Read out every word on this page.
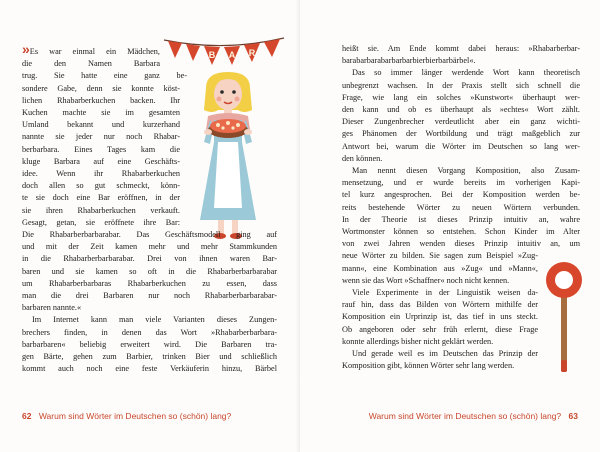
B A R
»Es war einmal ein Mädchen,
die den Namen Barbara
trug. Sie hatte eine ganz be-
sondere Gabe, denn sie konnte köst-
lichen Rhabarberkuchen backen. Ihr
Kuchen machte sie im gesamten
Umland bekannt und kurzerhand
nannte sie jeder nur noch Rhabar-
berbarbara. Eines Tages kam die
kluge Barbara auf eine Geschäfts-
idee. Wenn ihr Rhabarberkuchen
doch allen so gut schmeckt, könn-
te sie doch eine Bar eröffnen, in der
sie ihren Rhabarberkuchen verkauft.
Gesagt, getan, sie eröffnete ihre Bar:
Die Rhabarberbarbarabar. Das Geschäftsmodell ging auf
und mit der Zeit kamen mehr und mehr Stammkunden
in die Rhabarberbarbarabar. Drei von ihnen waren Bar-
baren und sie kamen so oft in die Rhabarberbarbarabar
um Rhabarberbarbaras Rhabarberkuchen zu essen, dass
man die drei Barbaren nur noch Rhabarberbarbarabar-
barbaren nannte.«
Im Internet kann man viele Varianten dieses Zungen-
brechers finden, in denen das Wort »Rhabarberbarbara-
barbarbaren« beliebig erweitert wird. Die Barbaren tra-
gen Bärte, gehen zum Barbier, trinken Bier und schließlich
kommt auch noch eine feste Verkäuferin hinzu, Bärbel
62 Warum sind Wörter im Deutschen so (schön) lang?
heißt sie. Am Ende kommt dabei heraus: »Rhabarberbar-
barabarbarabarbarbarbierbierbarbärbel«.
Das so immer länger werdende Wort kann theoretisch
unbegrenzt wachsen. In der Praxis stellt sich schnell die
Frage, wie lang ein solches »Kunstwort« überhaupt wer-
den kann und ob es überhaupt als »echtes« Wort zählt.
Dieser Zungenbrecher verdeutlicht aber ein ganz wichti-
ges Phänomen der Wortbildung und trägt maßgeblich zur
Antwort bei, warum die Wörter im Deutschen so lang wer-
den können.
Man nennt diesen Vorgang Komposition, also Zusam-
mensetzung, und er wurde bereits im vorherigen Kapi-
tel kurz angesprochen. Bei der Komposition werden be-
reits bestehende Wörter zu neuen Wörtern verbunden.
In der Theorie ist dieses Prinzip intuitiv an, wahre
Wortmonster können so entstehen. Schon Kinder im Alter
von zwei Jahren wenden dieses Prinzip intuitiv an, um
neue Wörter zu bilden. Sie sagen zum Beispiel »Zug-
mann«, eine Kombination aus »Zug« und »Mann«,
wenn sie das Wort »Schaffner« noch nicht kennen.
Viele Experimente in der Linguistik weisen da-
rauf hin, dass das Bilden von Wörtern mithilfe der
Komposition ein Urprinzip ist, das tief in uns steckt.
Ob angeboren oder sehr früh erlernt, diese Frage
konnte allerdings bisher nicht geklärt werden.
Und gerade weil es im Deutschen das Prinzip der
Komposition gibt, können Wörter sehr lang werden.
Warum sind Wörter im Deutschen so (schön) lang? 63
